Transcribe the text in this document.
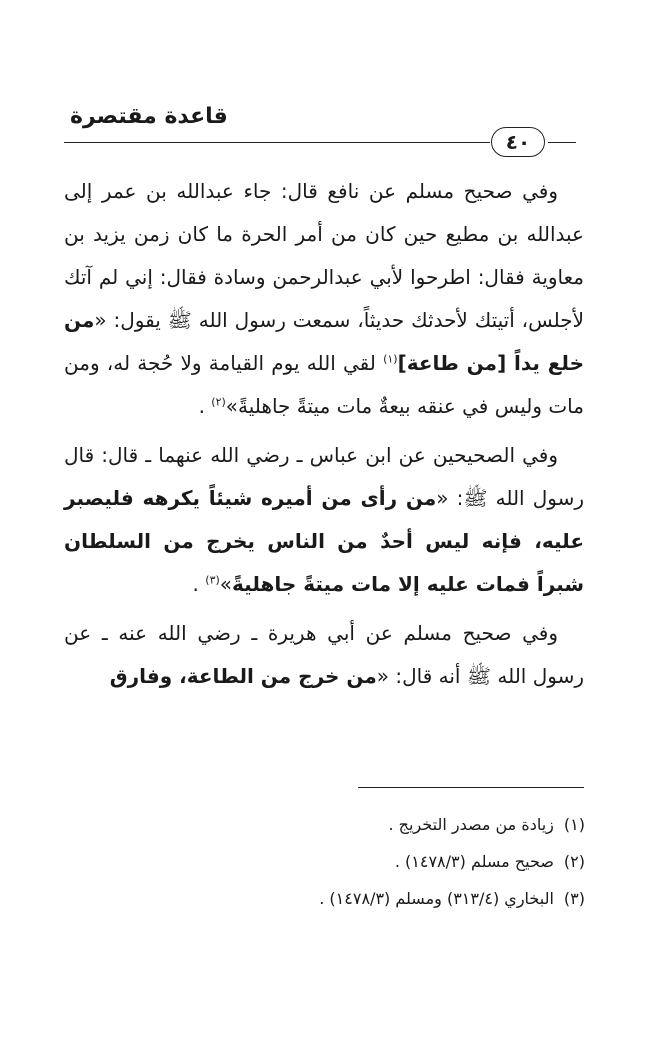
قاعدة مقتصرة
٤٠

وفي صحيح مسلم عن نافع قال: جاء عبدالله بن عمر إلى عبدالله بن مطيع حين كان من أمر الحرة ما كان زمن يزيد بن معاوية فقال: اطرحوا لأبي عبدالرحمن وسادة فقال: إني لم آتك لأجلس، أتيتك لأحدثك حديثاً، سمعت رسول الله ﷺ يقول: «من خلع يداً [من طاعة]$^{(١)}$ لقي الله يوم القيامة ولا حُجة له، ومن مات وليس في عنقه بيعةٌ مات ميتةً جاهليةً»$^{(٢)}$ .

وفي الصحيحين عن ابن عباس ـ رضي الله عنهما ـ قال: قال رسول الله ﷺ: «من رأى من أميره شيئاً يكرهه فليصبر عليه، فإنه ليس أحدٌ من الناس يخرج من السلطان شبراً فمات عليه إلا مات ميتةً جاهليةً»$^{(٣)}$ .

وفي صحيح مسلم عن أبي هريرة ـ رضي الله عنه ـ عن رسول الله ﷺ أنه قال: «من خرج من الطاعة، وفارق

(١)زيادة من مصدر التخريج .
(٢)صحيح مسلم (١٤٧٨/٣) .
(٣)البخاري (٣١٣/٤) ومسلم (١٤٧٨/٣) .
